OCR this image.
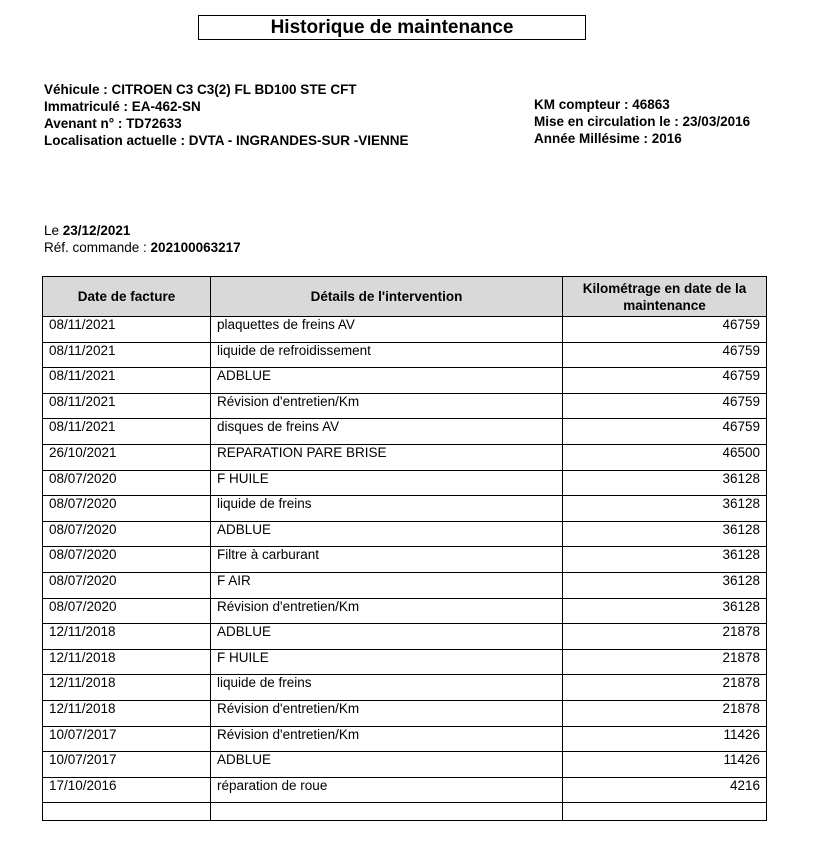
Historique de maintenance
Véhicule : CITROEN C3 C3(2) FL BD100 STE CFT
Immatriculé : EA-462-SN
Avenant n° : TD72633
Localisation actuelle : DVTA - INGRANDES-SUR -VIENNE
KM compteur : 46863
Mise en circulation le : 23/03/2016
Année Millésime : 2016
Le 23/12/2021
Réf. commande : 202100063217
Date de facture	Détails de l'intervention	Kilométrage en date de la maintenance
08/11/2021	plaquettes de freins AV	46759
08/11/2021	liquide de refroidissement	46759
08/11/2021	ADBLUE	46759
08/11/2021	Révision d'entretien/Km	46759
08/11/2021	disques de freins AV	46759
26/10/2021	REPARATION PARE BRISE	46500
08/07/2020	F HUILE	36128
08/07/2020	liquide de freins	36128
08/07/2020	ADBLUE	36128
08/07/2020	Filtre à carburant	36128
08/07/2020	F AIR	36128
08/07/2020	Révision d'entretien/Km	36128
12/11/2018	ADBLUE	21878
12/11/2018	F HUILE	21878
12/11/2018	liquide de freins	21878
12/11/2018	Révision d'entretien/Km	21878
10/07/2017	Révision d'entretien/Km	11426
10/07/2017	ADBLUE	11426
17/10/2016	réparation de roue	4216
